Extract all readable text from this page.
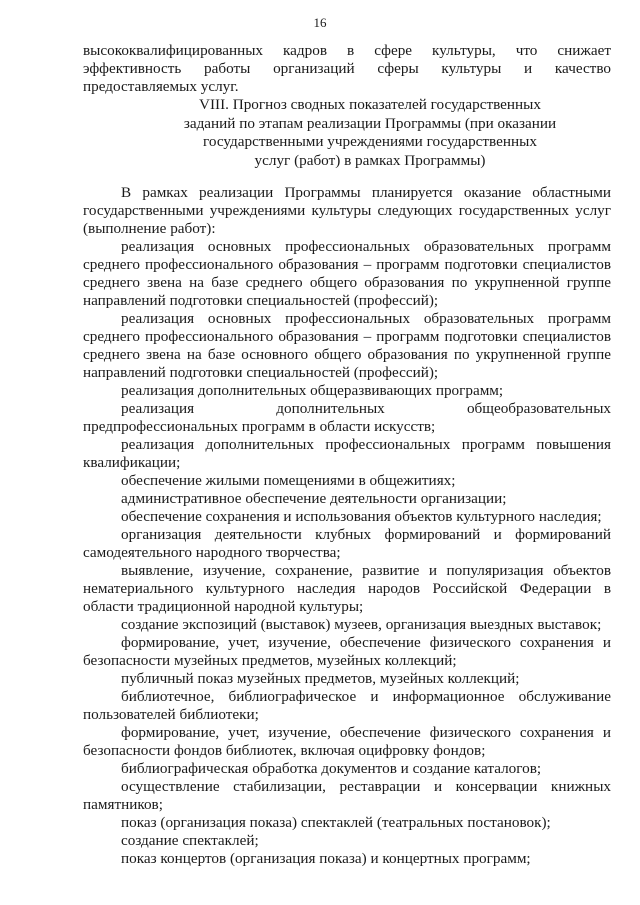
16

высококвалифицированных кадров в сфере культуры, что снижает эффективность работы организаций сферы культуры и качество предоставляемых услуг.

VIII. Прогноз сводных показателей государственных
заданий по этапам реализации Программы (при оказании
государственными учреждениями государственных
услуг (работ) в рамках Программы)

В рамках реализации Программы планируется оказание областными государственными учреждениями культуры следующих государственных услуг (выполнение работ):

реализация основных профессиональных образовательных программ среднего профессионального образования – программ подготовки специалистов среднего звена на базе среднего общего образования по укрупненной группе направлений подготовки специальностей (профессий);

реализация основных профессиональных образовательных программ среднего профессионального образования – программ подготовки специалистов среднего звена на базе основного общего образования по укрупненной группе направлений подготовки специальностей (профессий);

реализация дополнительных общеразвивающих программ;

реализация дополнительных общеобразовательных предпрофессиональных программ в области искусств;

реализация дополнительных профессиональных программ повышения квалификации;

обеспечение жилыми помещениями в общежитиях;

административное обеспечение деятельности организации;

обеспечение сохранения и использования объектов культурного наследия;

организация деятельности клубных формирований и формирований самодеятельного народного творчества;

выявление, изучение, сохранение, развитие и популяризация объектов нематериального культурного наследия народов Российской Федерации в области традиционной народной культуры;

создание экспозиций (выставок) музеев, организация выездных выставок;

формирование, учет, изучение, обеспечение физического сохранения и безопасности музейных предметов, музейных коллекций;

публичный показ музейных предметов, музейных коллекций;

библиотечное, библиографическое и информационное обслуживание пользователей библиотеки;

формирование, учет, изучение, обеспечение физического сохранения и безопасности фондов библиотек, включая оцифровку фондов;

библиографическая обработка документов и создание каталогов;

осуществление стабилизации, реставрации и консервации книжных памятников;

показ (организация показа) спектаклей (театральных постановок);

создание спектаклей;

показ концертов (организация показа) и концертных программ;
